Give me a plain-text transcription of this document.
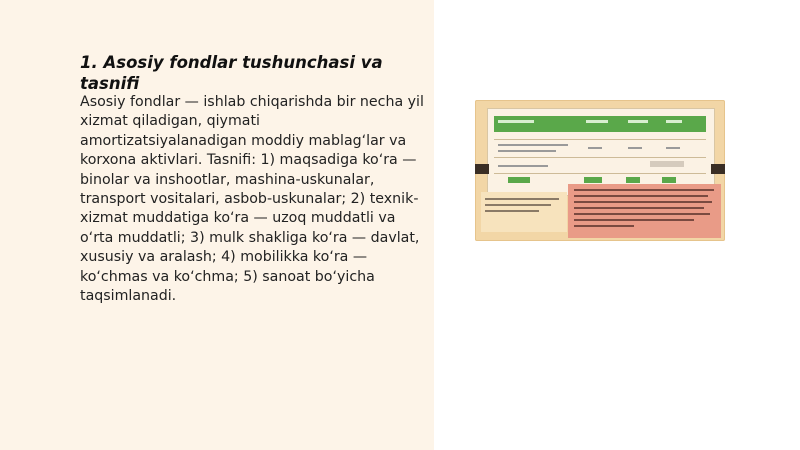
1. Asosiy fondlar tushunchasi va tasnifi

Asosiy fondlar — ishlab chiqarishda bir necha yil xizmat qiladigan, qiymati amortizatsiyalanadigan moddiy mablag‘lar va korxona aktivlari. Tasnifi: 1) maqsadiga ko‘ra — binolar va inshootlar, mashina-uskunalar, transport vositalari, asbob-uskunalar; 2) texnik-xizmat muddatiga ko‘ra — uzoq muddatli va o‘rta muddatli; 3) mulk shakliga ko‘ra — davlat, xususiy va aralash; 4) mobilikka ko‘ra — ko‘chmas va ko‘chma; 5) sanoat bo‘yicha taqsimlanadi.
